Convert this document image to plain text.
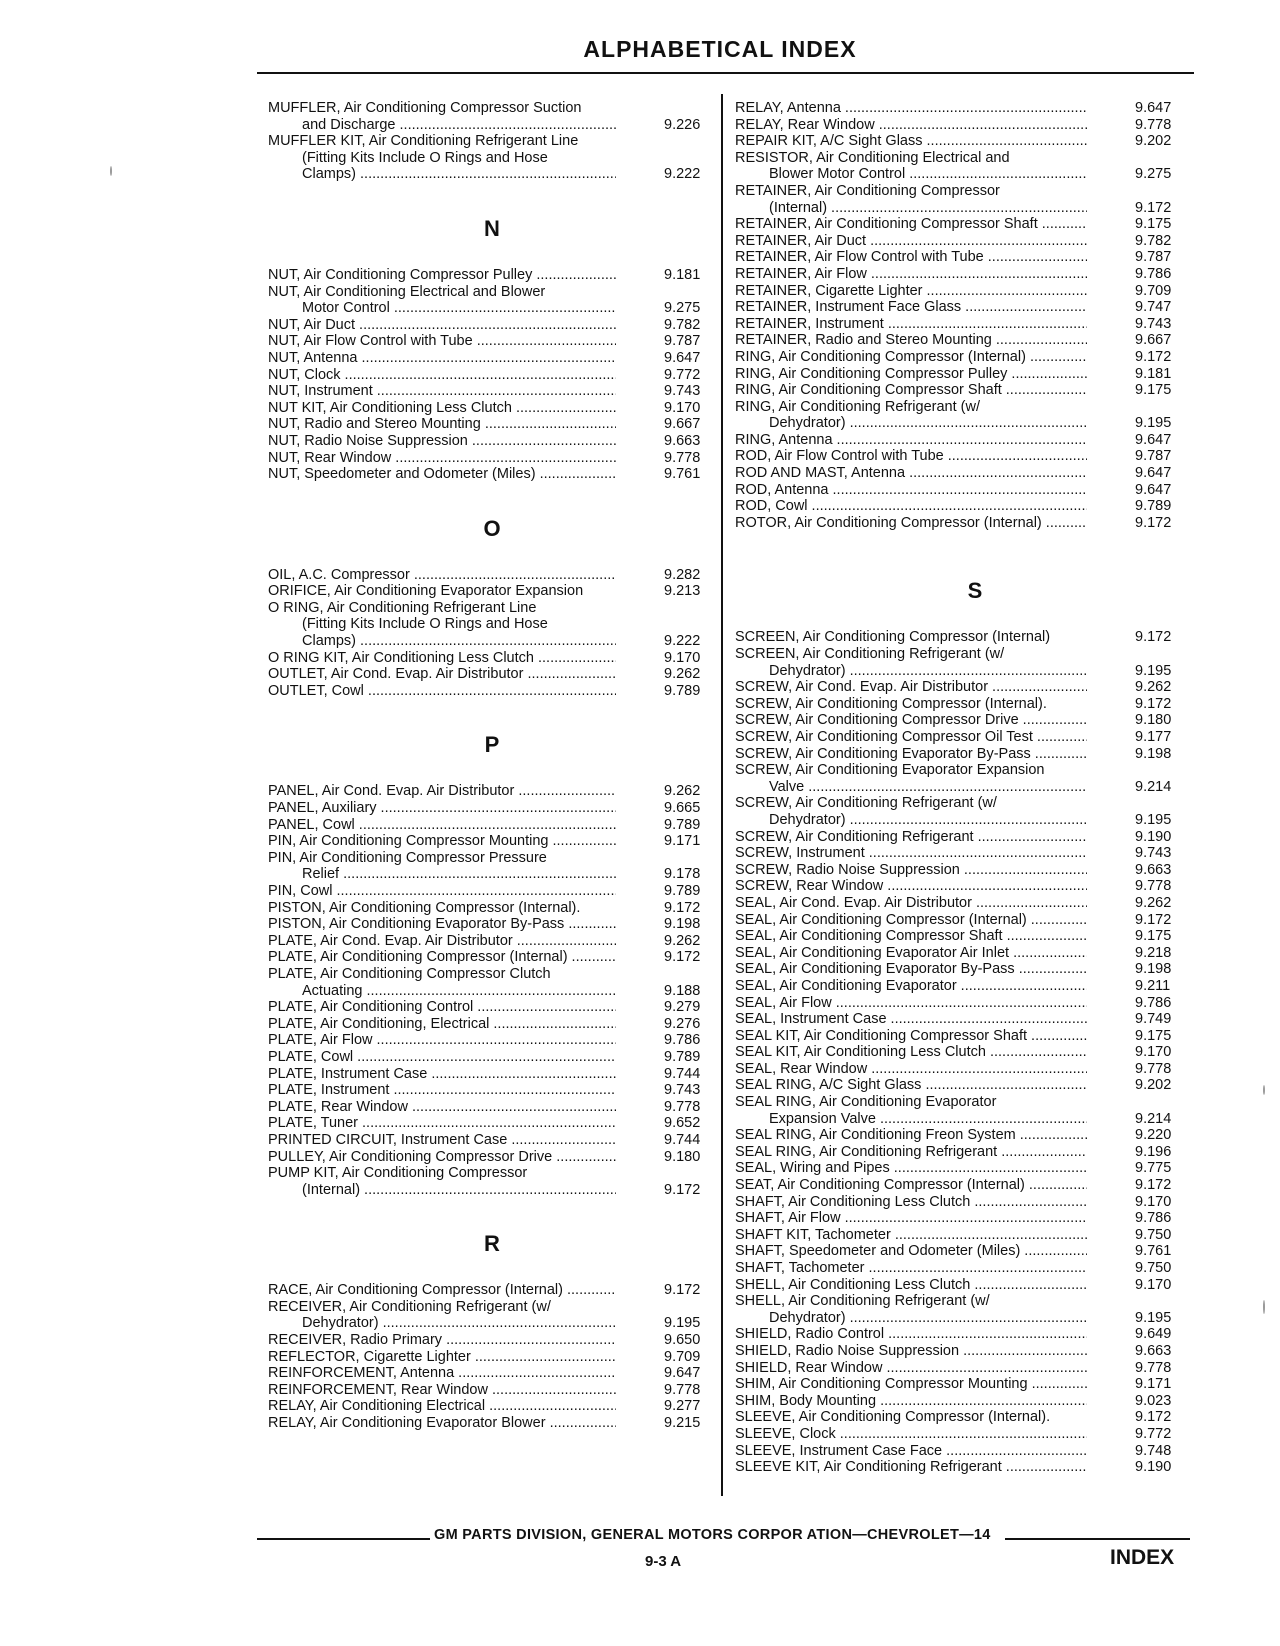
ALPHABETICAL INDEX
MUFFLER, Air Conditioning Compressor Suction
and Discharge .....	9.226
MUFFLER KIT, Air Conditioning Refrigerant Line
(Fitting Kits Include O Rings and Hose
Clamps) .....	9.222
N
NUT, Air Conditioning Compressor Pulley .....	9.181
NUT, Air Conditioning Electrical and Blower
Motor Control .....	9.275
NUT, Air Duct .....	9.782
NUT, Air Flow Control with Tube .....	9.787
NUT, Antenna .....	9.647
NUT, Clock .....	9.772
NUT, Instrument .....	9.743
NUT KIT, Air Conditioning Less Clutch .....	9.170
NUT, Radio and Stereo Mounting .....	9.667
NUT, Radio Noise Suppression .....	9.663
NUT, Rear Window .....	9.778
NUT, Speedometer and Odometer (Miles) .....	9.761
O
OIL, A.C. Compressor .....	9.282
ORIFICE, Air Conditioning Evaporator Expansion	9.213
O RING, Air Conditioning Refrigerant Line
(Fitting Kits Include O Rings and Hose
Clamps) .....	9.222
O RING KIT, Air Conditioning Less Clutch .....	9.170
OUTLET, Air Cond. Evap. Air Distributor .....	9.262
OUTLET, Cowl .....	9.789
P
PANEL, Air Cond. Evap. Air Distributor .....	9.262
PANEL, Auxiliary .....	9.665
PANEL, Cowl .....	9.789
PIN, Air Conditioning Compressor Mounting .....	9.171
PIN, Air Conditioning Compressor Pressure
Relief .....	9.178
PIN, Cowl .....	9.789
PISTON, Air Conditioning Compressor (Internal).	9.172
PISTON, Air Conditioning Evaporator By-Pass .....	9.198
PLATE, Air Cond. Evap. Air Distributor .....	9.262
PLATE, Air Conditioning Compressor (Internal) .....	9.172
PLATE, Air Conditioning Compressor Clutch
Actuating .....	9.188
PLATE, Air Conditioning Control .....	9.279
PLATE, Air Conditioning, Electrical .....	9.276
PLATE, Air Flow .....	9.786
PLATE, Cowl .....	9.789
PLATE, Instrument Case .....	9.744
PLATE, Instrument .....	9.743
PLATE, Rear Window .....	9.778
PLATE, Tuner .....	9.652
PRINTED CIRCUIT, Instrument Case .....	9.744
PULLEY, Air Conditioning Compressor Drive .....	9.180
PUMP KIT, Air Conditioning Compressor
(Internal) .....	9.172
R
RACE, Air Conditioning Compressor (Internal) .....	9.172
RECEIVER, Air Conditioning Refrigerant (w/
Dehydrator) .....	9.195
RECEIVER, Radio Primary .....	9.650
REFLECTOR, Cigarette Lighter .....	9.709
REINFORCEMENT, Antenna .....	9.647
REINFORCEMENT, Rear Window .....	9.778
RELAY, Air Conditioning Electrical .....	9.277
RELAY, Air Conditioning Evaporator Blower .....	9.215
RELAY, Antenna .....	9.647
RELAY, Rear Window .....	9.778
REPAIR KIT, A/C Sight Glass .....	9.202
RESISTOR, Air Conditioning Electrical and
Blower Motor Control .....	9.275
RETAINER, Air Conditioning Compressor
(Internal) .....	9.172
RETAINER, Air Conditioning Compressor Shaft .....	9.175
RETAINER, Air Duct .....	9.782
RETAINER, Air Flow Control with Tube .....	9.787
RETAINER, Air Flow .....	9.786
RETAINER, Cigarette Lighter .....	9.709
RETAINER, Instrument Face Glass .....	9.747
RETAINER, Instrument .....	9.743
RETAINER, Radio and Stereo Mounting .....	9.667
RING, Air Conditioning Compressor (Internal) .....	9.172
RING, Air Conditioning Compressor Pulley .....	9.181
RING, Air Conditioning Compressor Shaft .....	9.175
RING, Air Conditioning Refrigerant (w/
Dehydrator) .....	9.195
RING, Antenna .....	9.647
ROD, Air Flow Control with Tube .....	9.787
ROD AND MAST, Antenna .....	9.647
ROD, Antenna .....	9.647
ROD, Cowl .....	9.789
ROTOR, Air Conditioning Compressor (Internal) .....	9.172
S
SCREEN, Air Conditioning Compressor (Internal)	9.172
SCREEN, Air Conditioning Refrigerant (w/
Dehydrator) .....	9.195
SCREW, Air Cond. Evap. Air Distributor .....	9.262
SCREW, Air Conditioning Compressor (Internal).	9.172
SCREW, Air Conditioning Compressor Drive .....	9.180
SCREW, Air Conditioning Compressor Oil Test .....	9.177
SCREW, Air Conditioning Evaporator By-Pass .....	9.198
SCREW, Air Conditioning Evaporator Expansion
Valve .....	9.214
SCREW, Air Conditioning Refrigerant (w/
Dehydrator) .....	9.195
SCREW, Air Conditioning Refrigerant .....	9.190
SCREW, Instrument .....	9.743
SCREW, Radio Noise Suppression .....	9.663
SCREW, Rear Window .....	9.778
SEAL, Air Cond. Evap. Air Distributor .....	9.262
SEAL, Air Conditioning Compressor (Internal) .....	9.172
SEAL, Air Conditioning Compressor Shaft .....	9.175
SEAL, Air Conditioning Evaporator Air Inlet .....	9.218
SEAL, Air Conditioning Evaporator By-Pass .....	9.198
SEAL, Air Conditioning Evaporator .....	9.211
SEAL, Air Flow .....	9.786
SEAL, Instrument Case .....	9.749
SEAL KIT, Air Conditioning Compressor Shaft .....	9.175
SEAL KIT, Air Conditioning Less Clutch .....	9.170
SEAL, Rear Window .....	9.778
SEAL RING, A/C Sight Glass .....	9.202
SEAL RING, Air Conditioning Evaporator
Expansion Valve .....	9.214
SEAL RING, Air Conditioning Freon System .....	9.220
SEAL RING, Air Conditioning Refrigerant .....	9.196
SEAL, Wiring and Pipes .....	9.775
SEAT, Air Conditioning Compressor (Internal) .....	9.172
SHAFT, Air Conditioning Less Clutch .....	9.170
SHAFT, Air Flow .....	9.786
SHAFT KIT, Tachometer .....	9.750
SHAFT, Speedometer and Odometer (Miles) .....	9.761
SHAFT, Tachometer .....	9.750
SHELL, Air Conditioning Less Clutch .....	9.170
SHELL, Air Conditioning Refrigerant (w/
Dehydrator) .....	9.195
SHIELD, Radio Control .....	9.649
SHIELD, Radio Noise Suppression .....	9.663
SHIELD, Rear Window .....	9.778
SHIM, Air Conditioning Compressor Mounting .....	9.171
SHIM, Body Mounting .....	9.023
SLEEVE, Air Conditioning Compressor (Internal).	9.172
SLEEVE, Clock .....	9.772
SLEEVE, Instrument Case Face .....	9.748
SLEEVE KIT, Air Conditioning Refrigerant .....	9.190
GM PARTS DIVISION, GENERAL MOTORS CORPOR ATION—CHEVROLET—14
9-3 A	INDEX
